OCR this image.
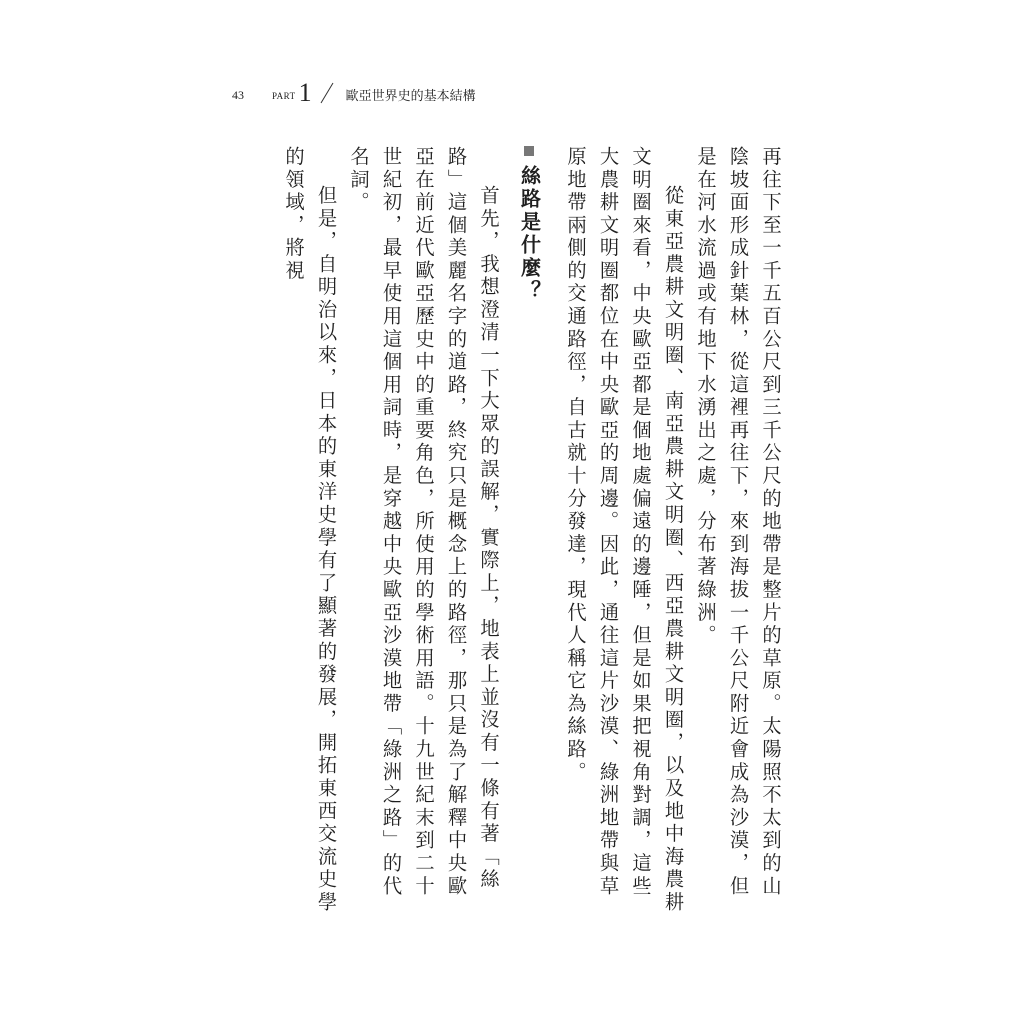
43	PART 1	歐亞世界史的基本結構

再往下至一千五百公尺到三千公尺的地帶是整片的草原。太陽照不太到的山陰坡面形成針葉林，從這裡再往下，來到海拔一千公尺附近會成為沙漠，但是在河水流過或有地下水湧出之處，分布著綠洲。

從東亞農耕文明圈、南亞農耕文明圈、西亞農耕文明圈，以及地中海農耕文明圈來看，中央歐亞都是個地處偏遠的邊陲，但是如果把視角對調，這些大農耕文明圈都位在中央歐亞的周邊。因此，通往這片沙漠、綠洲地帶與草原地帶兩側的交通路徑，自古就十分發達，現代人稱它為絲路。

絲路是什麼？

首先，我想澄清一下大眾的誤解，實際上，地表上並沒有一條有著「絲路」這個美麗名字的道路，終究只是概念上的路徑，那只是為了解釋中央歐亞在前近代歐亞歷史中的重要角色，所使用的學術用語。十九世紀末到二十世紀初，最早使用這個用詞時，是穿越中央歐亞沙漠地帶「綠洲之路」的代名詞。

但是，自明治以來，日本的東洋史學有了顯著的發展，開拓東西交流史學的領域，將視
